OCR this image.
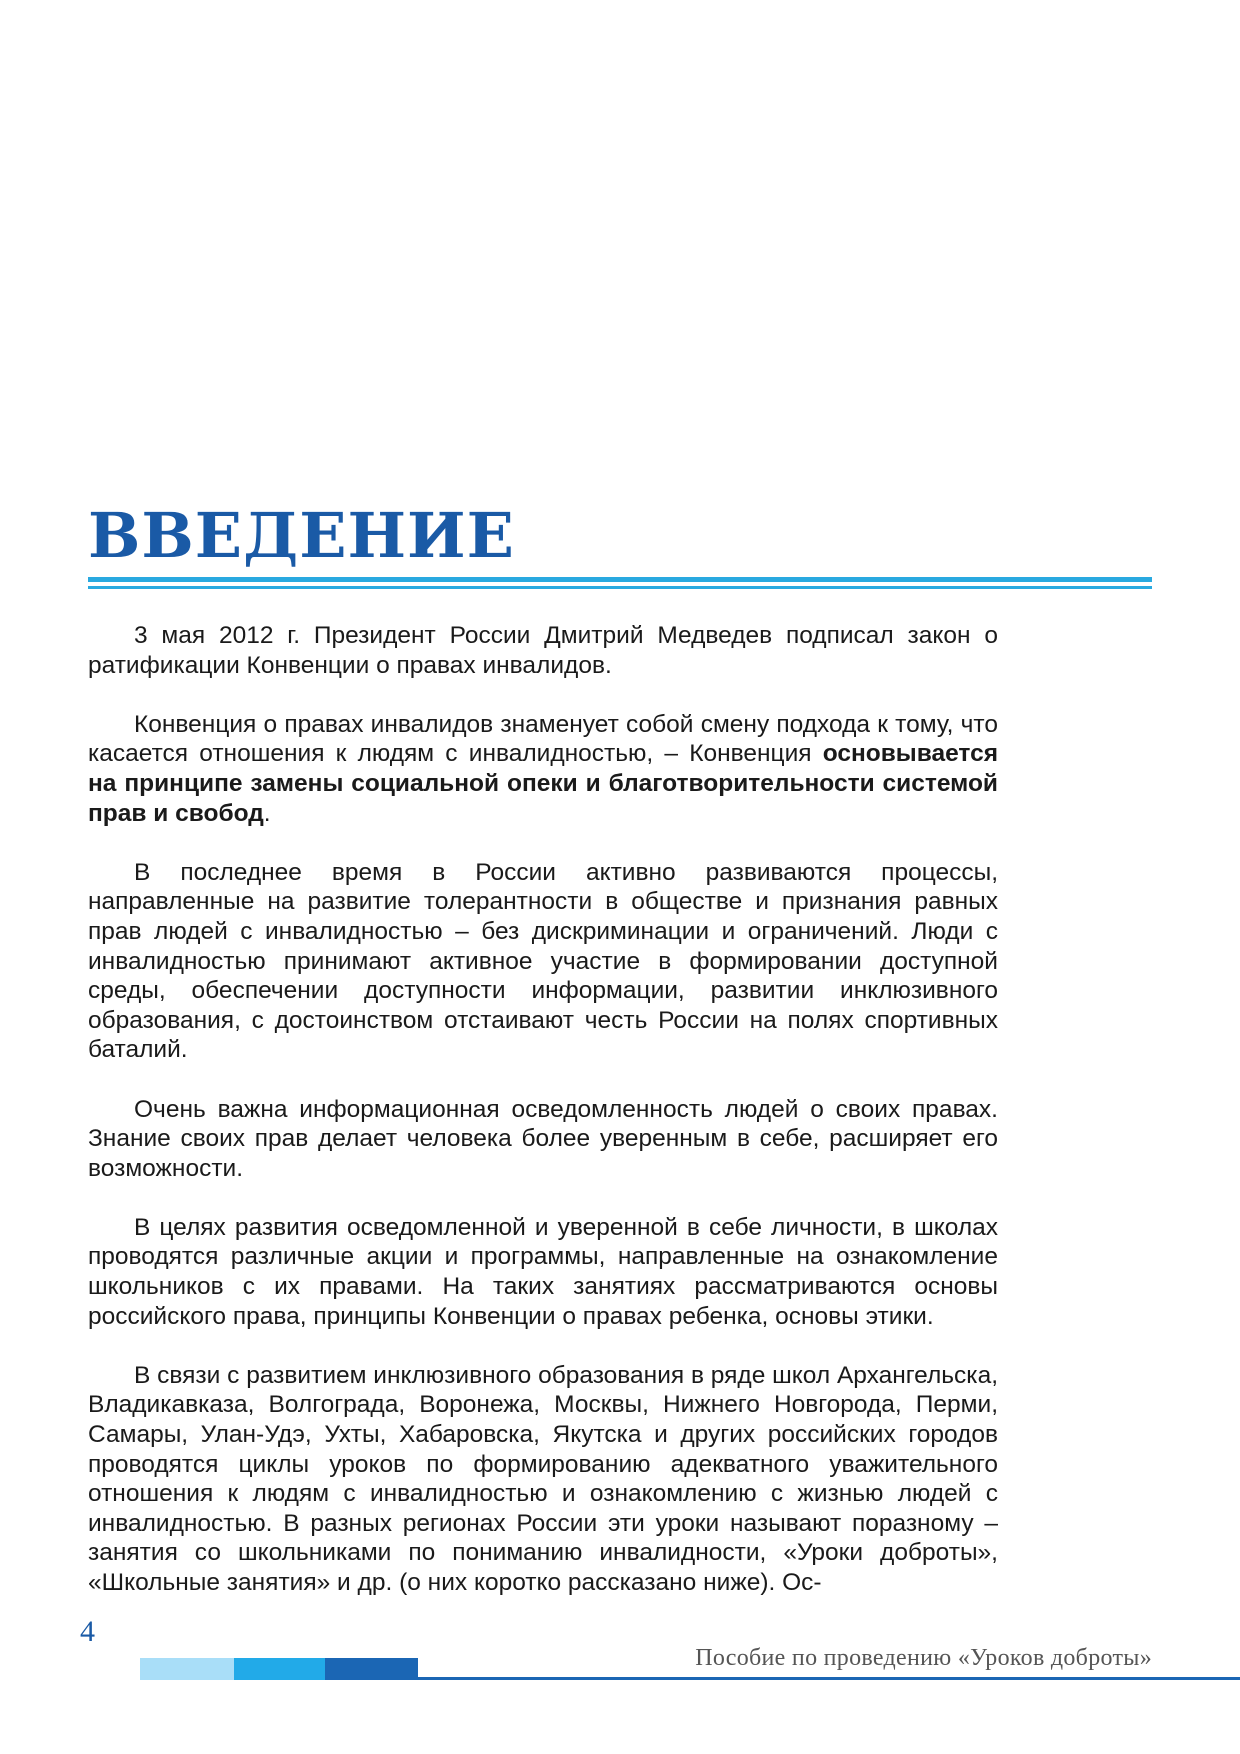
ВВЕДЕНИЕ

3 мая 2012 г. Президент России Дмитрий Медведев подписал закон о ратификации Конвенции о правах инвалидов.

Конвенция о правах инвалидов знаменует собой смену подхода к тому, что касается отношения к людям с инвалидностью, – Конвенция основывается на принципе замены социальной опеки и благотворительности системой прав и свобод.

В последнее время в России активно развиваются процессы, направленные на развитие толерантности в обществе и признания равных прав людей с инвалидностью – без дискриминации и ограничений. Люди с инвалидностью принимают активное участие в формировании доступной среды, обеспечении доступности информации, развитии инклюзивного образования, с достоинством отстаивают честь России на полях спортивных баталий.

Очень важна информационная осведомленность людей о своих правах. Знание своих прав делает человека более уверенным в себе, расширяет его возможности.

В целях развития осведомленной и уверенной в себе личности, в школах проводятся различные акции и программы, направленные на ознакомление школьников с их правами. На таких занятиях рассматриваются основы российского права, принципы Конвенции о правах ребенка, основы этики.

В связи с развитием инклюзивного образования в ряде школ Архангельска, Владикавказа, Волгограда, Воронежа, Москвы, Нижнего Новгорода, Перми, Самары, Улан-Удэ, Ухты, Хабаровска, Якутска и других российских городов проводятся циклы уроков по формированию адекватного уважительного отношения к людям с инвалидностью и ознакомлению с жизнью людей с инвалидностью. В разных регионах России эти уроки называют поразному – занятия со школьниками по пониманию инвалидности, «Уроки доброты», «Школьные занятия» и др. (о них коротко рассказано ниже). Ос-

4
Пособие по проведению «Уроков доброты»
